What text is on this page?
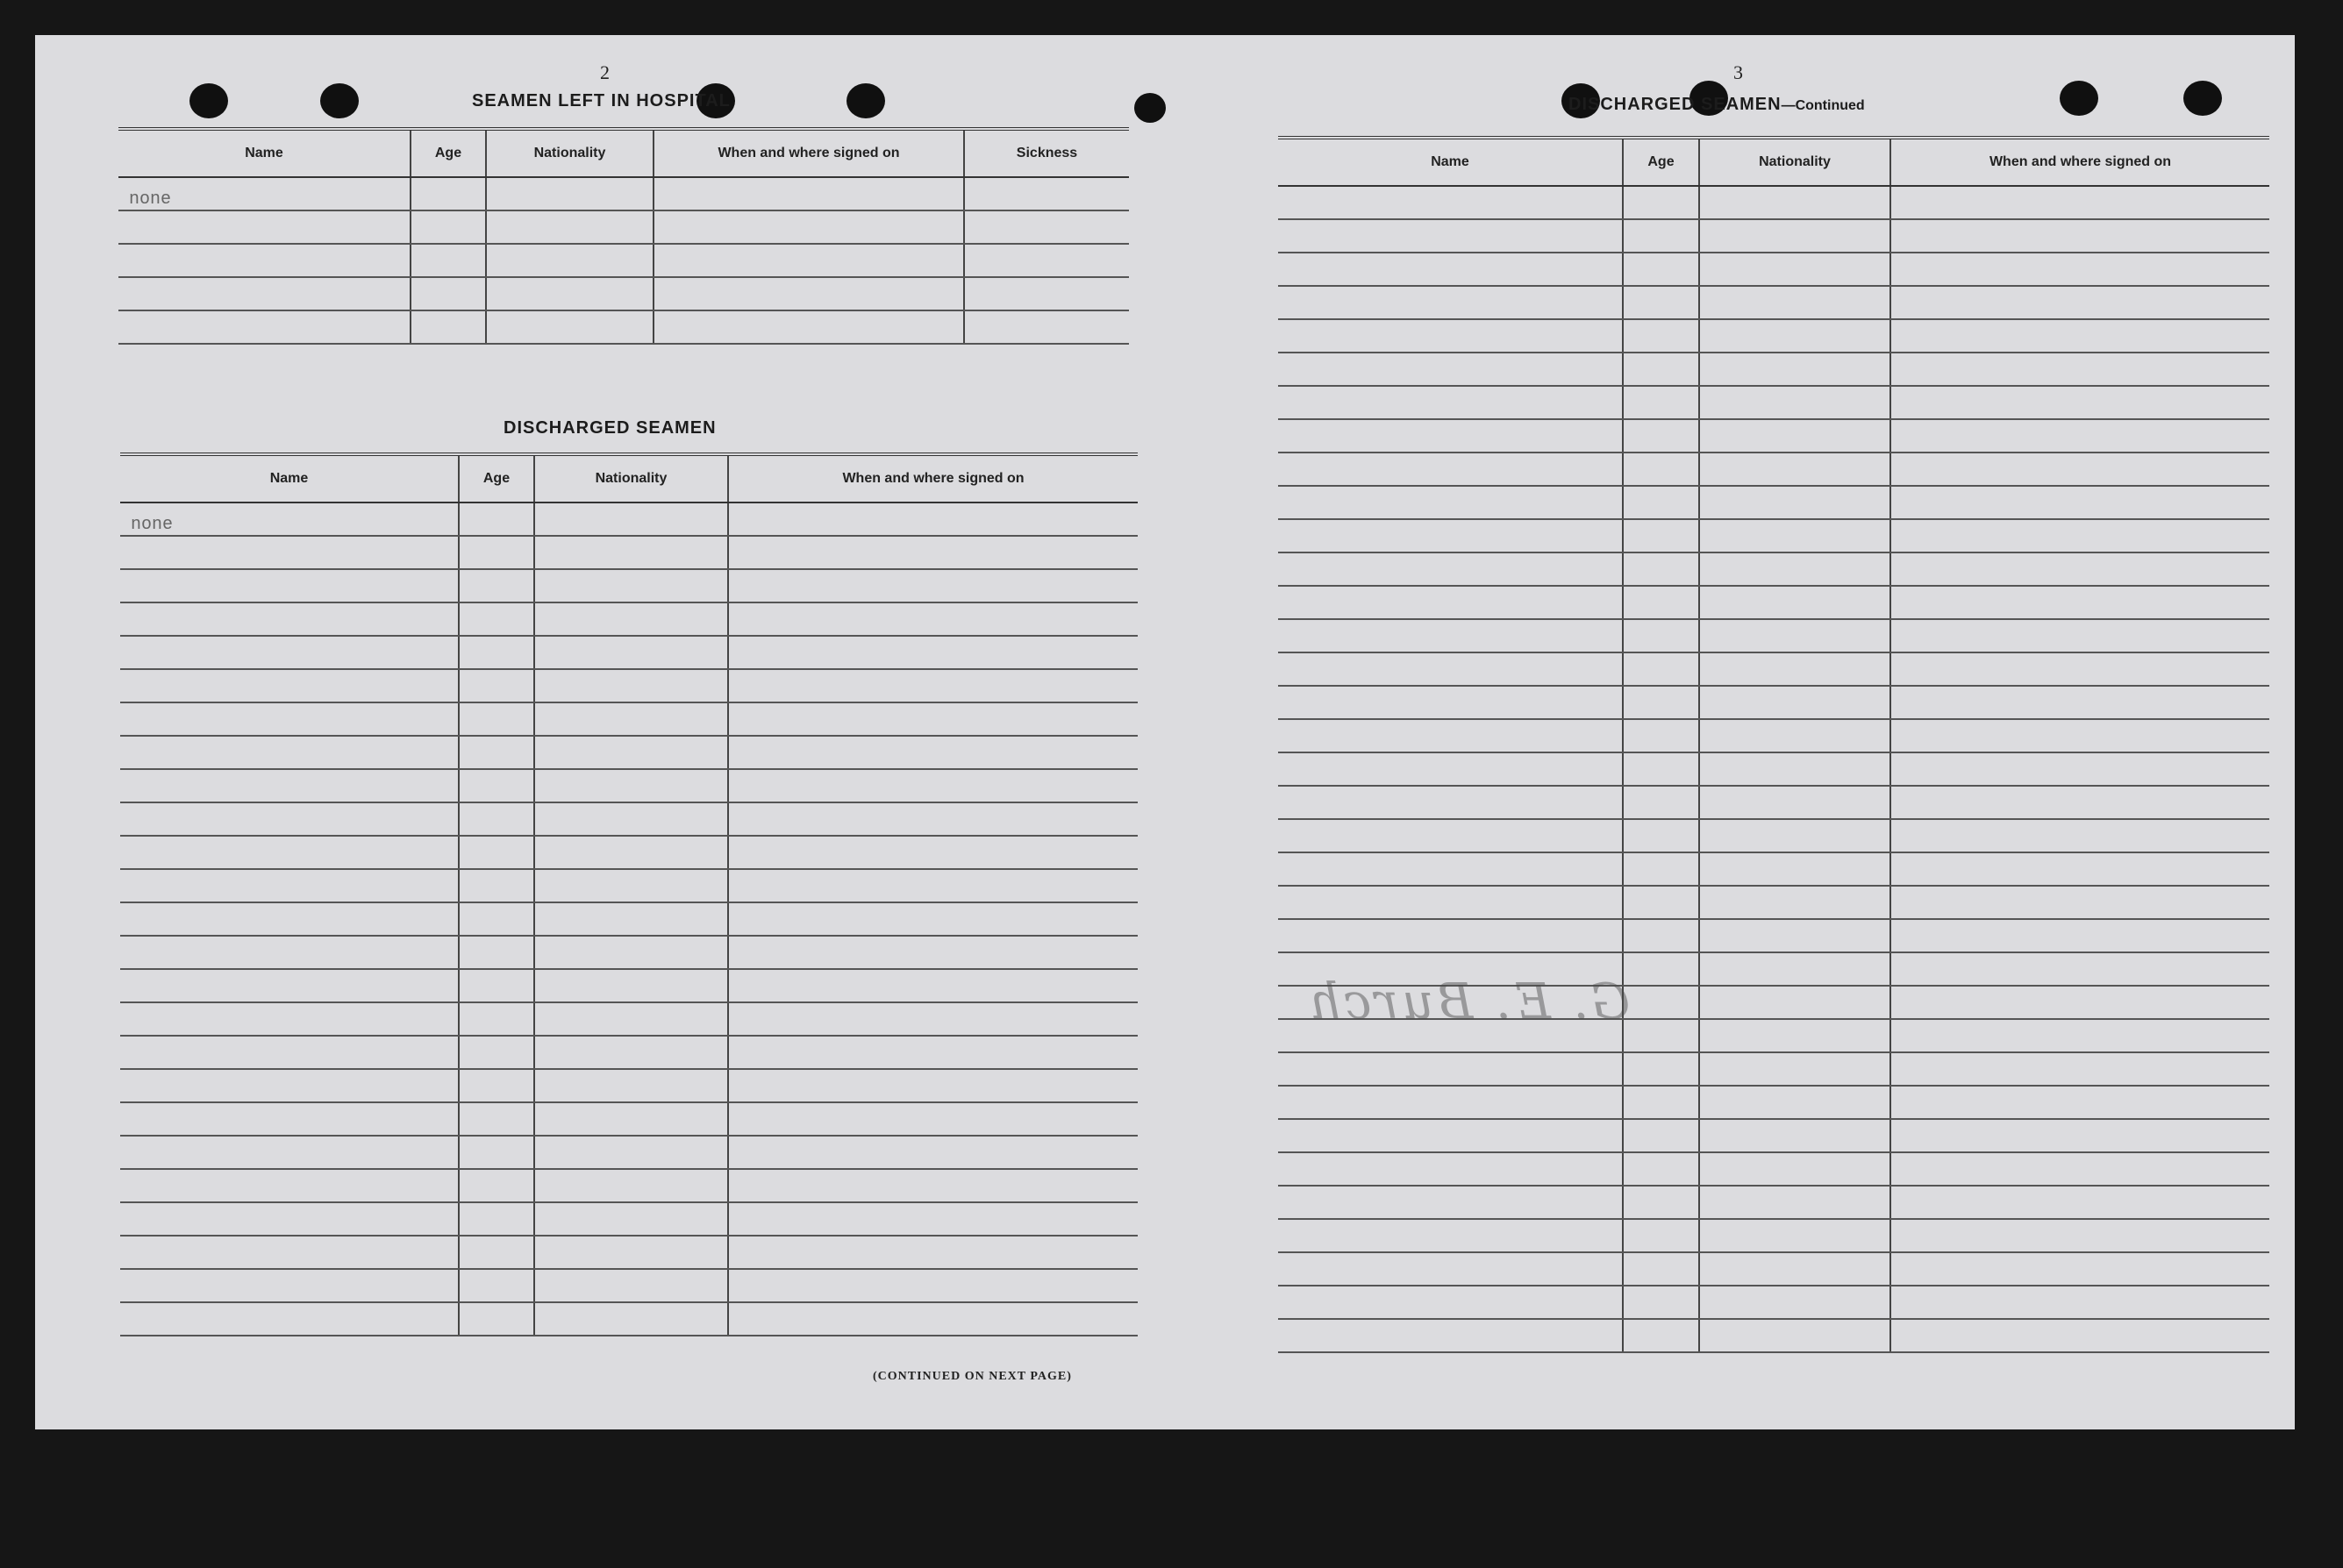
2
SEAMEN LEFT IN HOSPITAL
Name	Age	Nationality	When and where signed on	Sickness
none				

DISCHARGED SEAMEN
Name	Age	Nationality	When and where signed on
none			

(CONTINUED ON NEXT PAGE)
3
DISCHARGED SEAMEN—Continued
Name	Age	Nationality	When and where signed on

G. E. Burch
